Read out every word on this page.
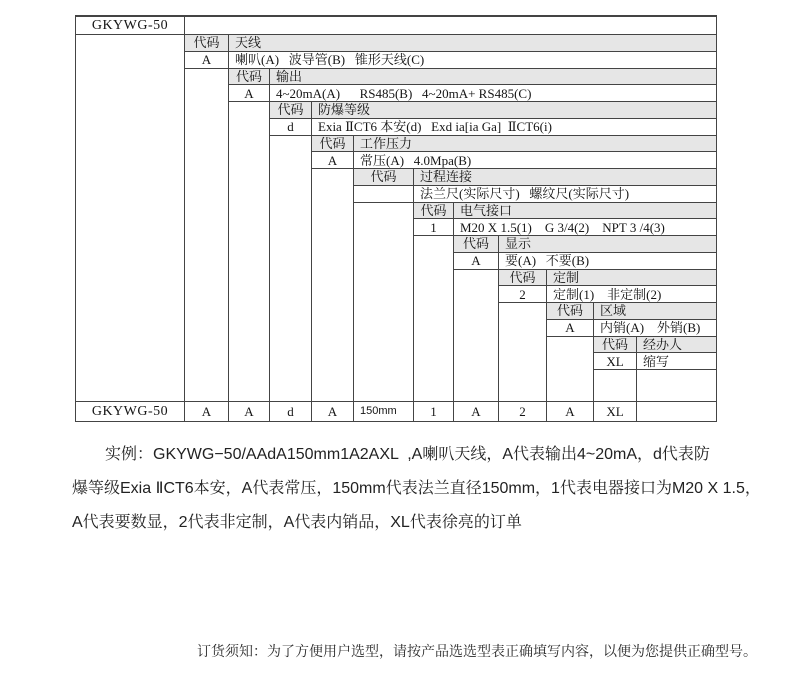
GKYWG-50
代码	天线
A	喇叭(A)   波导管(B)   锥形天线(C)
代码	输出
A	4~20mA(A)      RS485(B)   4~20mA+ RS485(C)
代码	防爆等级
d	Exia ⅡCT6 本安(d)   Exd ia[ia Ga]  ⅡCT6(i)
代码	工作压力
A	常压(A)   4.0Mpa(B)
代码	过程连接
法兰尺(实际尺寸)   螺纹尺(实际尺寸)
代码	电气接口
1	M20 X 1.5(1)    G 3/4(2)    NPT 3 /4(3)
代码	显示
A	要(A)   不要(B)
代码	定制
2	定制(1)    非定制(2)
代码	区域
A	内销(A)    外销(B)
代码	经办人
XL	缩写
GKYWG-50	A	A	d	A	150mm	1	A	2	A	XL
实例：GKYWG−50/AAdA150mm1A2AXL  ,A喇叭天线，A代表输出4~20mA，d代表防
爆等级Exia ⅡCT6本安，A代表常压，150mm代表法兰直径150mm，1代表电器接口为M20 X 1.5，
A代表要数显，2代表非定制，A代表内销品，XL代表徐亮的订单
订货须知：为了方便用户选型，请按产品选选型表正确填写内容，以便为您提供正确型号。
